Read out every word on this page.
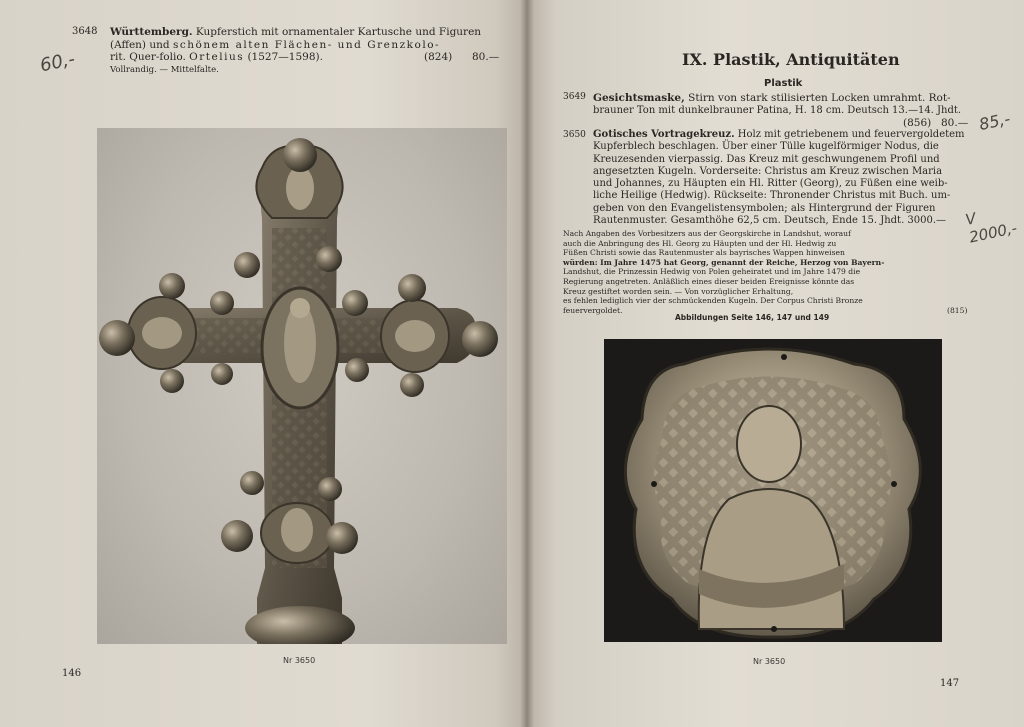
3648 Württemberg. Kupferstich mit ornamentaler Kartusche und Figuren
(Affen) und schönem alten Flächen- und Grenzkolo-
rit. Quer-folio. Ortelius (1527—1598).	(824) 80.—
Vollrandig. — Mittelfalte.
60,-
Nr 3650
146
IX. Plastik, Antiquitäten
Plastik
3649 Gesichtsmaske, Stirn von stark stilisierten Locken umrahmt. Rot-
brauner Ton mit dunkelbrauner Patina, H. 18 cm. Deutsch 13.—14. Jhdt.
(856) 80.— 85,-
3650 Gotisches Vortragekreuz. Holz mit getriebenem und feuervergoldetem
Kupferblech beschlagen. Über einer Tülle kugelförmiger Nodus, die
Kreuzesenden vierpassig. Das Kreuz mit geschwungenem Profil und
angesetzten Kugeln. Vorderseite: Christus am Kreuz zwischen Maria
und Johannes, zu Häupten ein Hl. Ritter (Georg), zu Füßen eine weib-
liche Heilige (Hedwig). Rückseite: Thronender Christus mit Buch. um-
geben von den Evangelistensymbolen; als Hintergrund der Figuren
Rautenmuster. Gesamthöhe 62,5 cm. Deutsch, Ende 15. Jhdt. 3000.—	V 2000,-
Nach Angaben des Vorbesitzers aus der Georgskirche in Landshut, worauf
auch die Anbringung des Hl. Georg zu Häupten und der Hl. Hedwig zu
Füßen Christi sowie das Rautenmuster als bayrisches Wappen hinweisen
würden: Im Jahre 1475 hat Georg, genannt der Reiche, Herzog von Bayern-
Landshut, die Prinzessin Hedwig von Polen geheiratet und im Jahre 1479 die
Regierung angetreten. Anläßlich eines dieser beiden Ereignisse könnte das
Kreuz gestiftet worden sein. — Von vorzüglicher Erhaltung,
es fehlen lediglich vier der schmückenden Kugeln. Der Corpus Christi Bronze
feuervergoldet.	(815)
Abbildungen Seite 146, 147 und 149
Nr 3650
147
